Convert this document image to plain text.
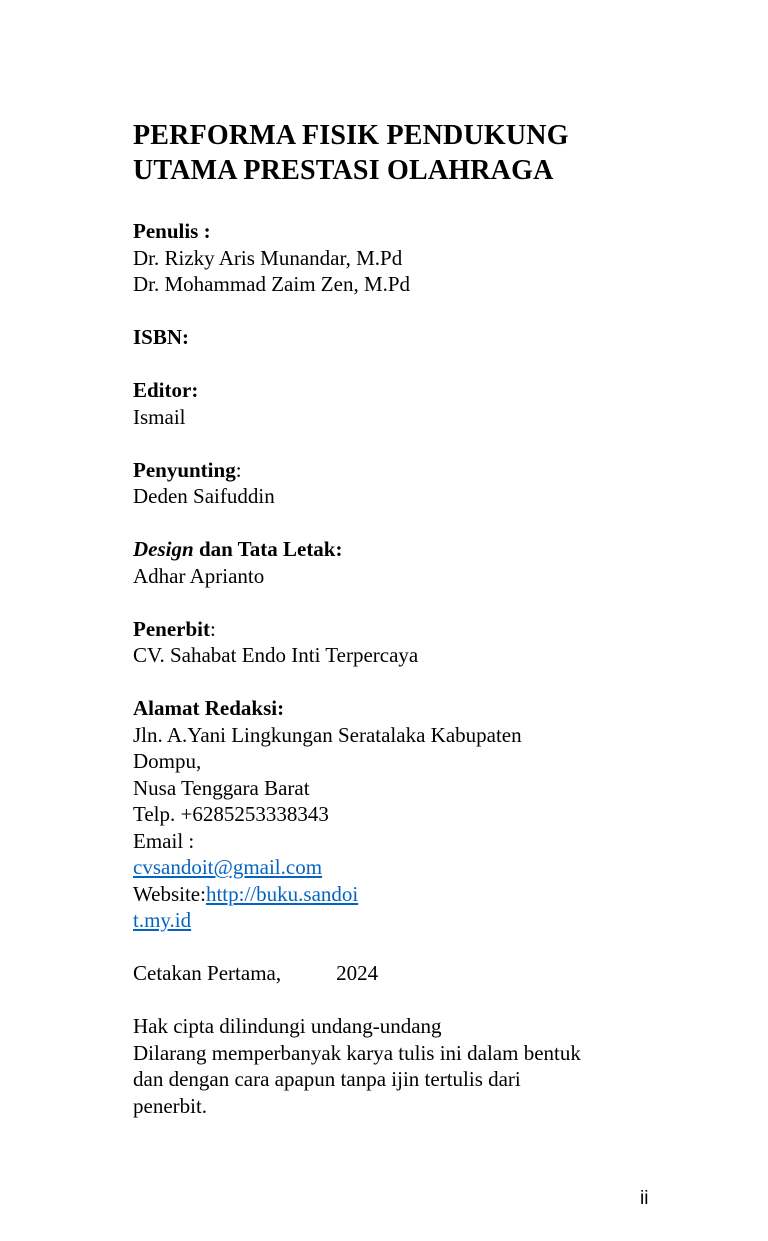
PERFORMA FISIK PENDUKUNG
UTAMA PRESTASI OLAHRAGA
Penulis :
Dr. Rizky Aris Munandar, M.Pd
Dr. Mohammad Zaim Zen, M.Pd
ISBN:
Editor:
Ismail
Penyunting:
Deden Saifuddin
Design dan Tata Letak:
Adhar Aprianto
Penerbit:
CV. Sahabat Endo Inti Terpercaya
Alamat Redaksi:
Jln. A.Yani Lingkungan Seratalaka Kabupaten
Dompu,
Nusa Tenggara Barat
Telp. +6285253338343
Email :
cvsandoit@gmail.com
Website:http://buku.sandoi
t.my.id
Cetakan Pertama,	2024
Hak cipta dilindungi undang-undang
Dilarang memperbanyak karya tulis ini dalam bentuk
dan dengan cara apapun tanpa ijin tertulis dari
penerbit.
ii
